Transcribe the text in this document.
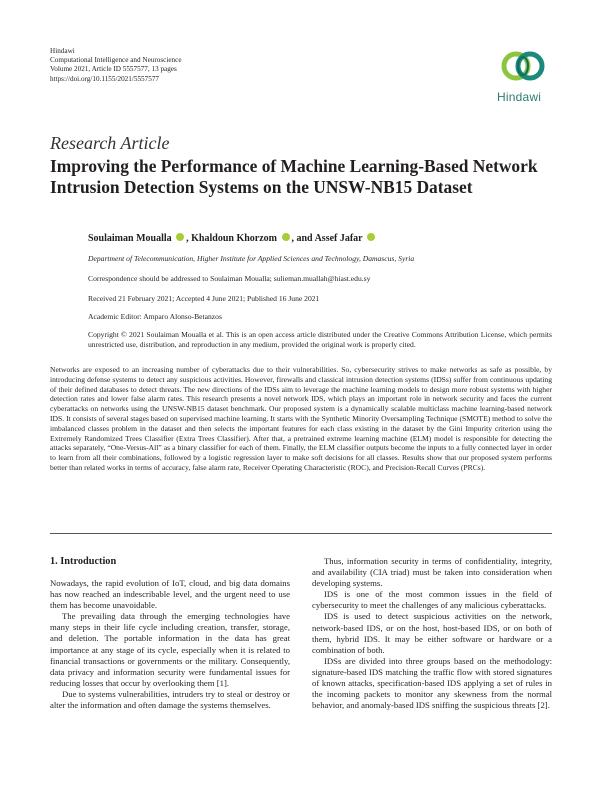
Hindawi
Computational Intelligence and Neuroscience
Volume 2021, Article ID 5557577, 13 pages
https://doi.org/10.1155/2021/5557577
Hindawi
Research Article
Improving the Performance of Machine Learning-Based Network Intrusion Detection Systems on the UNSW-NB15 Dataset
Soulaiman Moualla , Khaldoun Khorzom , and Assef Jafar
Department of Telecommunication, Higher Institute for Applied Sciences and Technology, Damascus, Syria
Correspondence should be addressed to Soulaiman Moualla; sulieman.muallah@hiast.edu.sy
Received 21 February 2021; Accepted 4 June 2021; Published 16 June 2021
Academic Editor: Amparo Alonso-Betanzos
Copyright © 2021 Soulaiman Moualla et al. This is an open access article distributed under the Creative Commons Attribution License, which permits unrestricted use, distribution, and reproduction in any medium, provided the original work is properly cited.
Networks are exposed to an increasing number of cyberattacks due to their vulnerabilities. So, cybersecurity strives to make networks as safe as possible, by introducing defense systems to detect any suspicious activities. However, firewalls and classical intrusion detection systems (IDSs) suffer from continuous updating of their defined databases to detect threats. The new directions of the IDSs aim to leverage the machine learning models to design more robust systems with higher detection rates and lower false alarm rates. This research presents a novel network IDS, which plays an important role in network security and faces the current cyberattacks on networks using the UNSW-NB15 dataset benchmark. Our proposed system is a dynamically scalable multiclass machine learning-based network IDS. It consists of several stages based on supervised machine learning. It starts with the Synthetic Minority Oversampling Technique (SMOTE) method to solve the imbalanced classes problem in the dataset and then selects the important features for each class existing in the dataset by the Gini Impurity criterion using the Extremely Randomized Trees Classifier (Extra Trees Classifier). After that, a pretrained extreme learning machine (ELM) model is responsible for detecting the attacks separately, “One-Versus-All” as a binary classifier for each of them. Finally, the ELM classifier outputs become the inputs to a fully connected layer in order to learn from all their combinations, followed by a logistic regression layer to make soft decisions for all classes. Results show that our proposed system performs better than related works in terms of accuracy, false alarm rate, Receiver Operating Characteristic (ROC), and Precision-Recall Curves (PRCs).
1. Introduction

Nowadays, the rapid evolution of IoT, cloud, and big data domains has now reached an indescribable level, and the urgent need to use them has become unavoidable.

The prevailing data through the emerging technologies have many steps in their life cycle including creation, transfer, storage, and deletion. The portable information in the data has great importance at any stage of its cycle, especially when it is related to financial transactions or governments or the military. Consequently, data privacy and information security were fundamental issues for reducing losses that occur by overlooking them [1].

Due to systems vulnerabilities, intruders try to steal or destroy or alter the information and often damage the systems themselves.

Thus, information security in terms of confidentiality, integrity, and availability (CIA triad) must be taken into consideration when developing systems.

IDS is one of the most common issues in the field of cybersecurity to meet the challenges of any malicious cyberattacks.

IDS is used to detect suspicious activities on the network, network-based IDS, or on the host, host-based IDS, or on both of them, hybrid IDS. It may be either software or hardware or a combination of both.

IDSs are divided into three groups based on the methodology: signature-based IDS matching the traffic flow with stored signatures of known attacks, specification-based IDS applying a set of rules in the incoming packets to monitor any skewness from the normal behavior, and anomaly-based IDS sniffing the suspicious threats [2].
